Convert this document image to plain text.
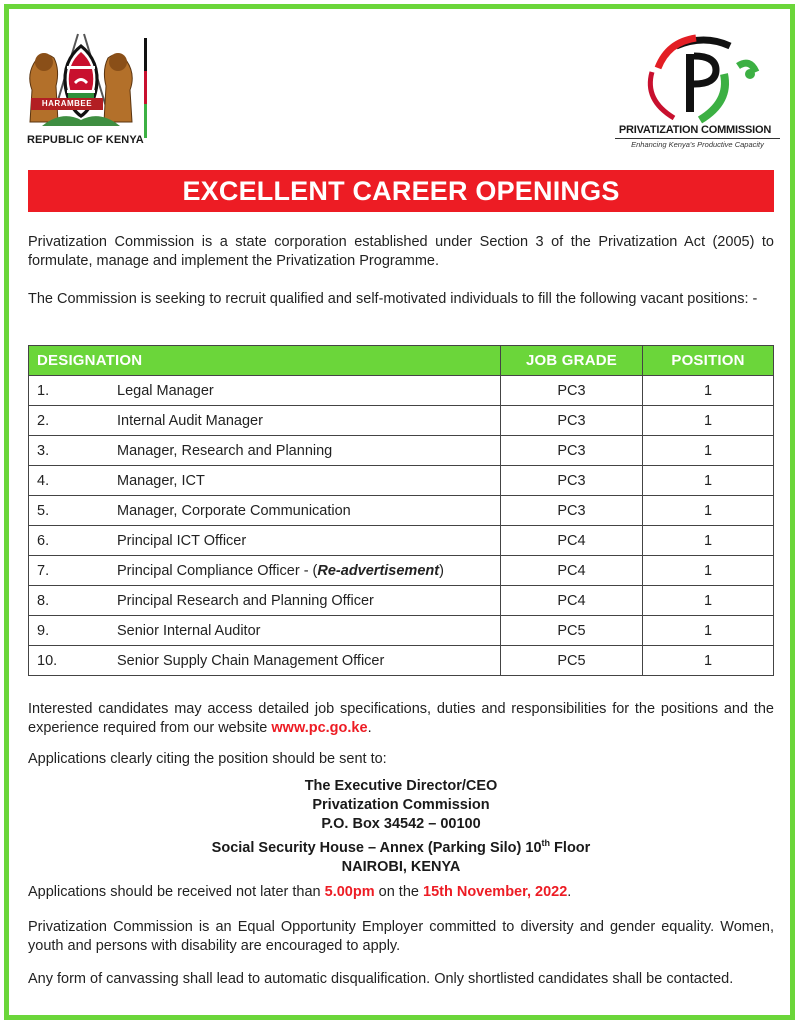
HARAMBEE
REPUBLIC OF KENYA
PRIVATIZATION COMMISSION
Enhancing Kenya's Productive Capacity
EXCELLENT CAREER OPENINGS

Privatization Commission is a state corporation established under Section 3 of the Privatization Act (2005) to formulate, manage and implement the Privatization Programme.

The Commission is seeking to recruit qualified and self-motivated individuals to fill the following vacant positions: -

DESIGNATION	JOB GRADE	POSITION
1. Legal Manager	PC3	1
2. Internal Audit Manager	PC3	1
3. Manager, Research and Planning	PC3	1
4. Manager, ICT	PC3	1
5. Manager, Corporate Communication	PC3	1
6. Principal ICT Officer	PC4	1
7. Principal Compliance Officer - (Re-advertisement)	PC4	1
8. Principal Research and Planning Officer	PC4	1
9. Senior Internal Auditor	PC5	1
10. Senior Supply Chain Management Officer	PC5	1

Interested candidates may access detailed job specifications, duties and responsibilities for the positions and the experience required from our website www.pc.go.ke.

Applications clearly citing the position should be sent to:

The Executive Director/CEO
Privatization Commission
P.O. Box 34542 – 00100
Social Security House – Annex (Parking Silo) 10th Floor
NAIROBI, KENYA

Applications should be received not later than 5.00pm on the 15th November, 2022.

Privatization Commission is an Equal Opportunity Employer committed to diversity and gender equality. Women, youth and persons with disability are encouraged to apply.

Any form of canvassing shall lead to automatic disqualification. Only shortlisted candidates shall be contacted.
